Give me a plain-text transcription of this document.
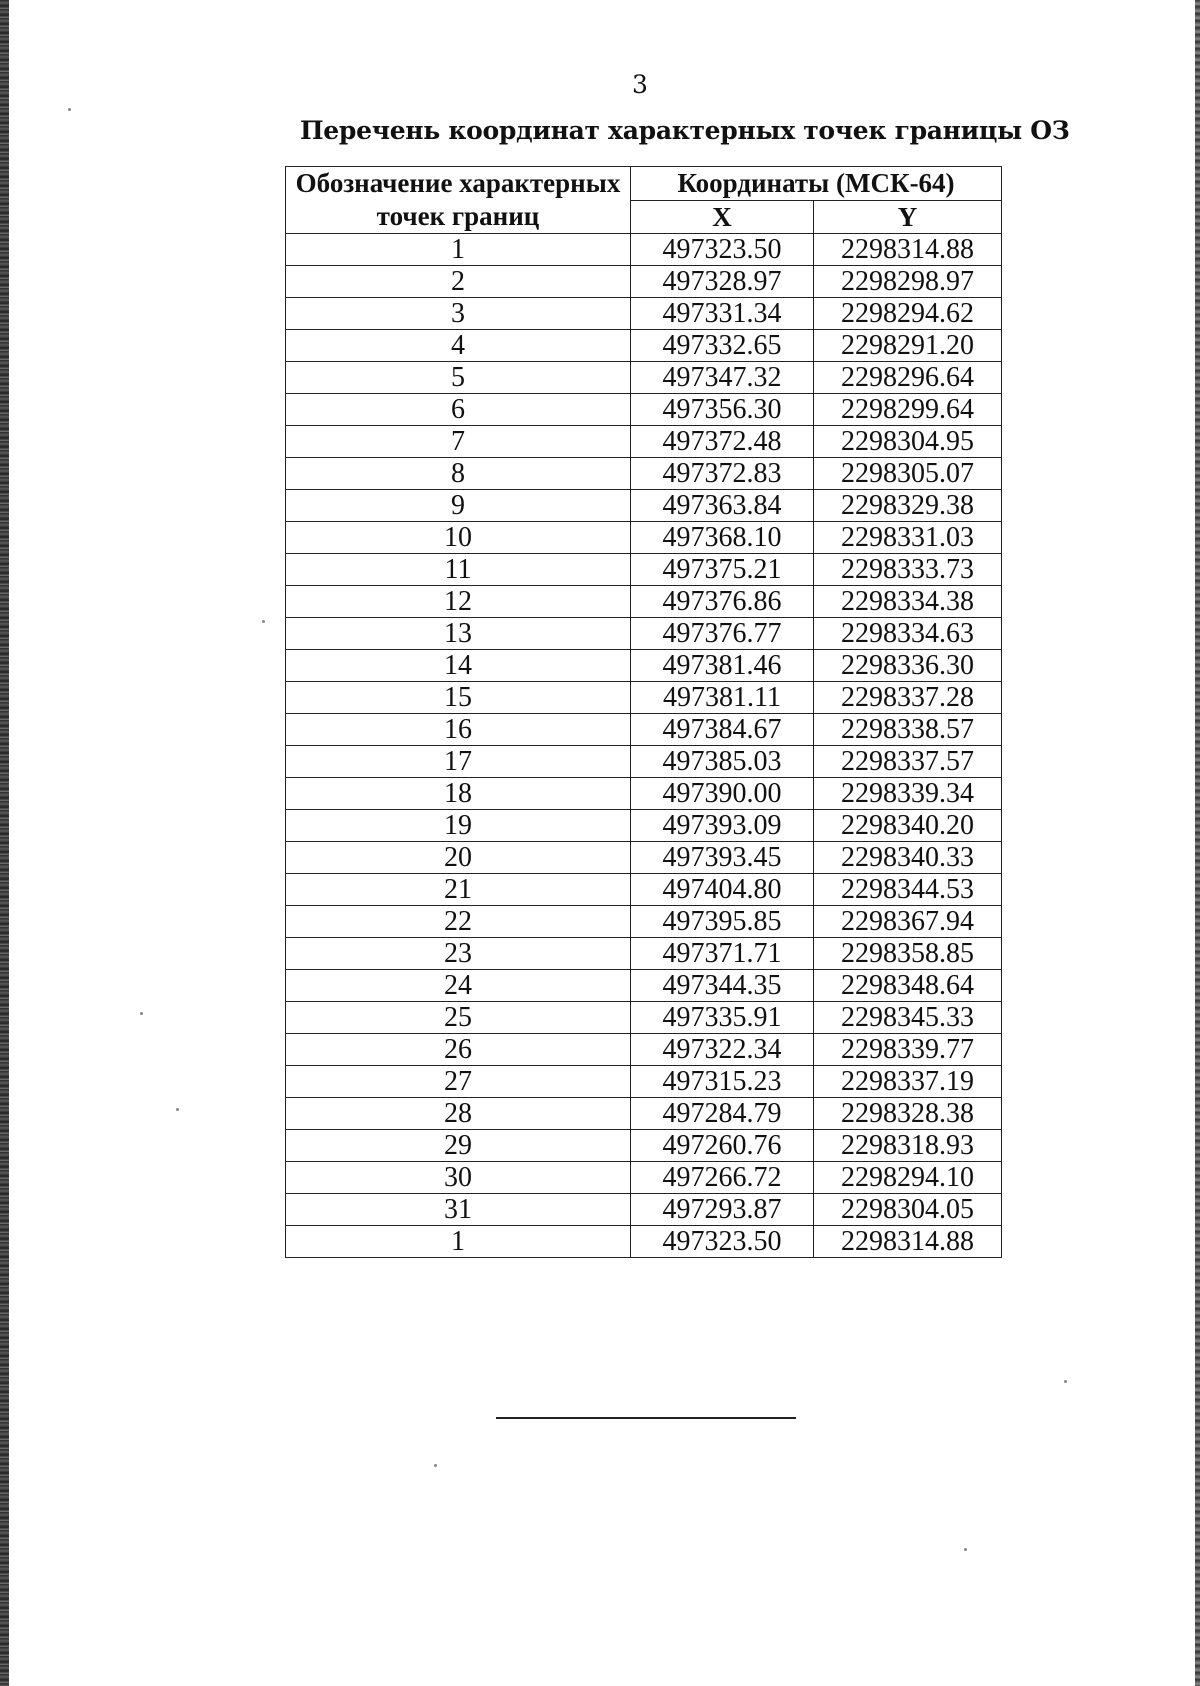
3
Перечень координат характерных точек границы ОЗ
Обозначение характерных точек границ	Координаты (МСК-64)	
	X	Y
1	497323.50	2298314.88
2	497328.97	2298298.97
3	497331.34	2298294.62
4	497332.65	2298291.20
5	497347.32	2298296.64
6	497356.30	2298299.64
7	497372.48	2298304.95
8	497372.83	2298305.07
9	497363.84	2298329.38
10	497368.10	2298331.03
11	497375.21	2298333.73
12	497376.86	2298334.38
13	497376.77	2298334.63
14	497381.46	2298336.30
15	497381.11	2298337.28
16	497384.67	2298338.57
17	497385.03	2298337.57
18	497390.00	2298339.34
19	497393.09	2298340.20
20	497393.45	2298340.33
21	497404.80	2298344.53
22	497395.85	2298367.94
23	497371.71	2298358.85
24	497344.35	2298348.64
25	497335.91	2298345.33
26	497322.34	2298339.77
27	497315.23	2298337.19
28	497284.79	2298328.38
29	497260.76	2298318.93
30	497266.72	2298294.10
31	497293.87	2298304.05
1	497323.50	2298314.88
